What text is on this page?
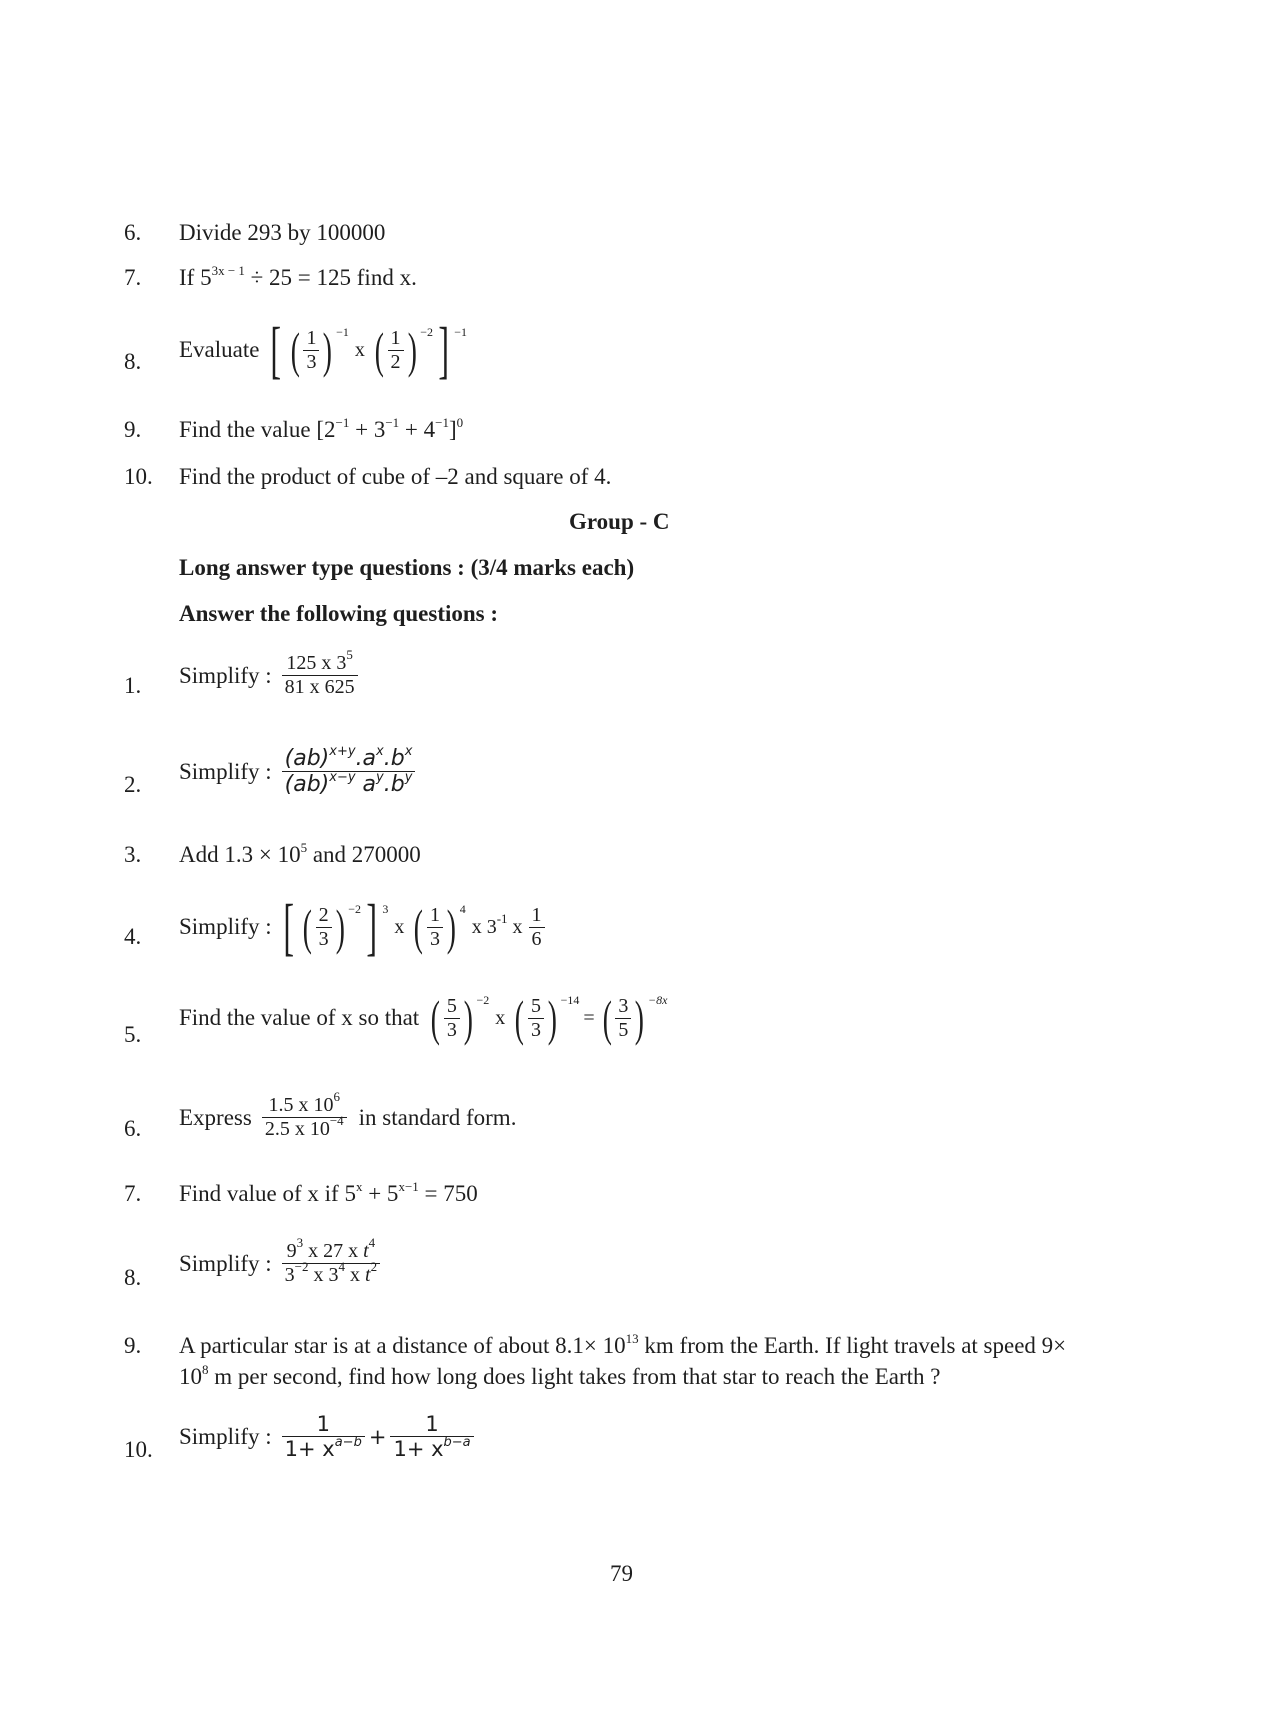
6. Divide 293 by 100000
7. If $5^{3x - 1} \div 25 = 125$ find x.
8. Evaluate [ ( $\frac{1}{3}$ ) −1
x ( $\frac{1}{2}$ ) −2 ] −1
9. Find the value $[2^{-1} + 3^{-1} + 4^{-1}]^0$
10. Find the product of cube of –2 and square of 4.
Group - C
Long answer type questions : (3/4 marks each)
Answer the following questions :
1. Simplify : $\frac{125 x 3^5}{81 x 625}$
2.
Simplify : $\frac{(ab)^{x+y}.a^x.b^x}{(ab)^{x-y} a^y.b^y}$
3. Add $1.3 \times 10^5$ and 270000
4. Simplify : [ ( $\frac{2}{3}$ ) −2 ] 3
x ( $\frac{1}{3}$ ) 4
x $3^{-1}$ x $\frac{1}{6}$
5.
Find the value of x so that ( $\frac{5}{3}$ ) −2
x ( $\frac{5}{3}$ ) −14
= ( $\frac{3}{5}$ ) −8x
6. Express $\frac{1.5 x 10^6}{2.5 x 10^{-4}}$ in standard form.
7. Find value of x if $5^x + 5^{x-1} = 750$
8.
Simplify : $\frac{9^3 x 27 x t^4}{3^{-2} x 3^4 x t^2}$
9. A particular star is at a distance of about $8.1\times 10^{13}$ km from the Earth. If light travels at speed 9×
$10^8$ m per second, find how long does light takes from that star to reach the Earth ?
10.
Simplify : $\frac{1}{1+ x^{a-b}} + \frac{1}{1+ x^{b-a}}$
79
